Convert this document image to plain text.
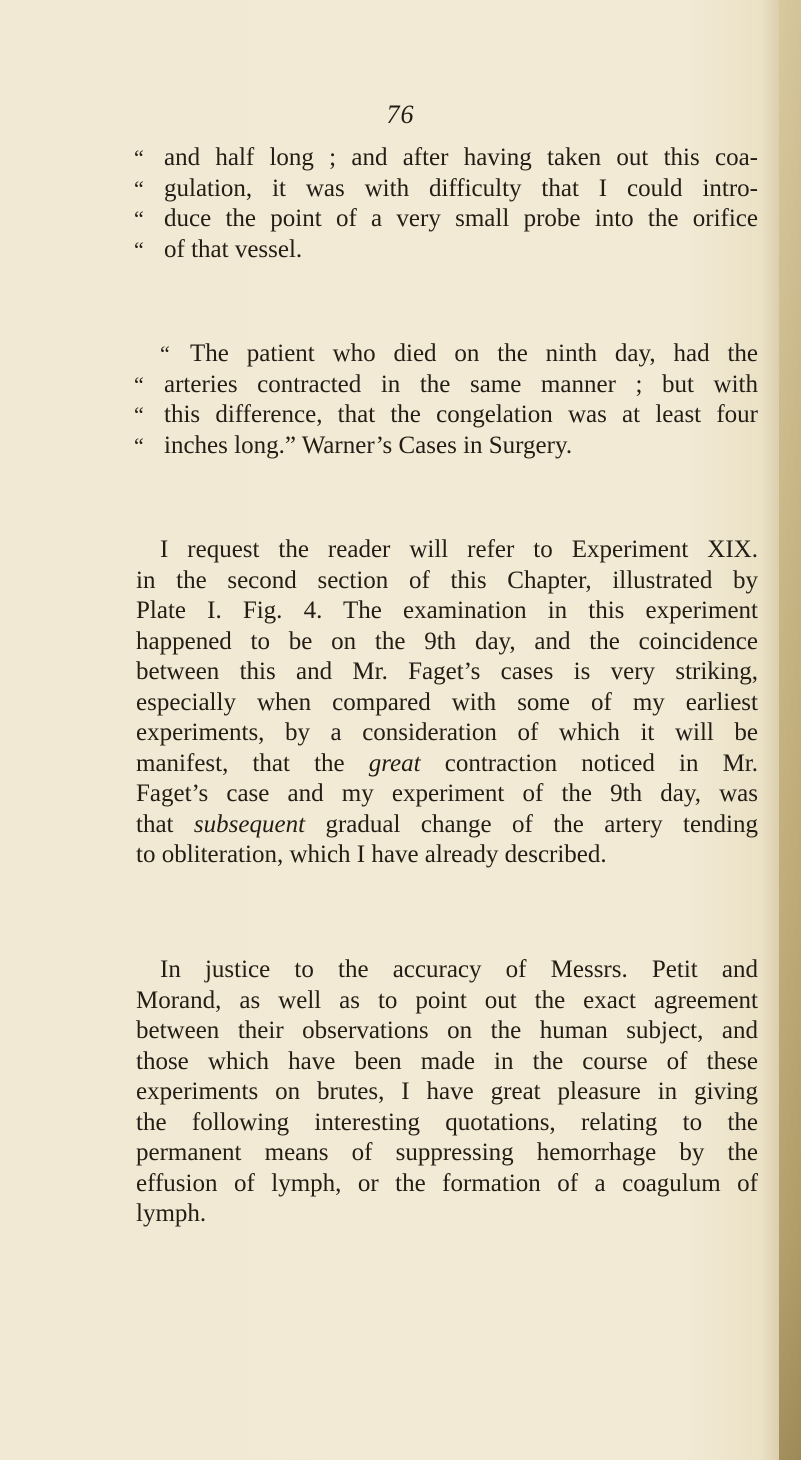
76
“ and half long ; and after having taken out this coa-
“ gulation, it was with difficulty that I could intro-
“ duce the point of a very small probe into the orifice
“ of that vessel.
“ The patient who died on the ninth day, had the
“ arteries contracted in the same manner ; but with
“ this difference, that the congelation was at least four
“ inches long.” Warner’s Cases in Surgery.
I request the reader will refer to Experiment XIX.
in the second section of this Chapter, illustrated by
Plate I. Fig. 4. The examination in this experiment
happened to be on the 9th day, and the coincidence
between this and Mr. Faget’s cases is very striking,
especially when compared with some of my earliest
experiments, by a consideration of which it will be
manifest, that the great contraction noticed in Mr.
Faget’s case and my experiment of the 9th day, was
that subsequent gradual change of the artery tending
to obliteration, which I have already described.
In justice to the accuracy of Messrs. Petit and
Morand, as well as to point out the exact agreement
between their observations on the human subject, and
those which have been made in the course of these
experiments on brutes, I have great pleasure in giving
the following interesting quotations, relating to the
permanent means of suppressing hemorrhage by the
effusion of lymph, or the formation of a coagulum of
lymph.
